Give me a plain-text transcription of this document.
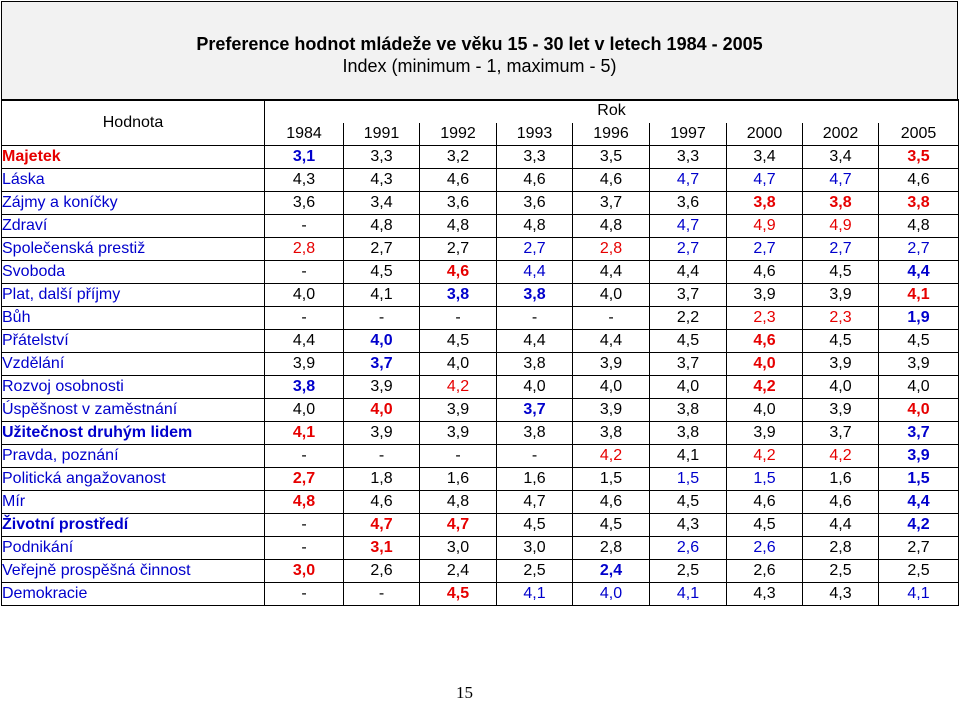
Preference hodnot mládeže ve věku 15 - 30 let v letech 1984 - 2005
Index (minimum - 1, maximum - 5)
Hodnota	Rok								
	1984	1991	1992	1993	1996	1997	2000	2002	2005
Majetek	3,1	3,3	3,2	3,3	3,5	3,3	3,4	3,4	3,5
Láska	4,3	4,3	4,6	4,6	4,6	4,7	4,7	4,7	4,6
Zájmy a koníčky	3,6	3,4	3,6	3,6	3,7	3,6	3,8	3,8	3,8
Zdraví	-	4,8	4,8	4,8	4,8	4,7	4,9	4,9	4,8
Společenská prestiž	2,8	2,7	2,7	2,7	2,8	2,7	2,7	2,7	2,7
Svoboda	-	4,5	4,6	4,4	4,4	4,4	4,6	4,5	4,4
Plat, další příjmy	4,0	4,1	3,8	3,8	4,0	3,7	3,9	3,9	4,1
Bůh	-	-	-	-	-	2,2	2,3	2,3	1,9
Přátelství	4,4	4,0	4,5	4,4	4,4	4,5	4,6	4,5	4,5
Vzdělání	3,9	3,7	4,0	3,8	3,9	3,7	4,0	3,9	3,9
Rozvoj osobnosti	3,8	3,9	4,2	4,0	4,0	4,0	4,2	4,0	4,0
Úspěšnost v zaměstnání	4,0	4,0	3,9	3,7	3,9	3,8	4,0	3,9	4,0
Užitečnost druhým lidem	4,1	3,9	3,9	3,8	3,8	3,8	3,9	3,7	3,7
Pravda, poznání	-	-	-	-	4,2	4,1	4,2	4,2	3,9
Politická angažovanost	2,7	1,8	1,6	1,6	1,5	1,5	1,5	1,6	1,5
Mír	4,8	4,6	4,8	4,7	4,6	4,5	4,6	4,6	4,4
Životní prostředí	-	4,7	4,7	4,5	4,5	4,3	4,5	4,4	4,2
Podnikání	-	3,1	3,0	3,0	2,8	2,6	2,6	2,8	2,7
Veřejně prospěšná činnost	3,0	2,6	2,4	2,5	2,4	2,5	2,6	2,5	2,5
Demokracie	-	-	4,5	4,1	4,0	4,1	4,3	4,3	4,1
15
